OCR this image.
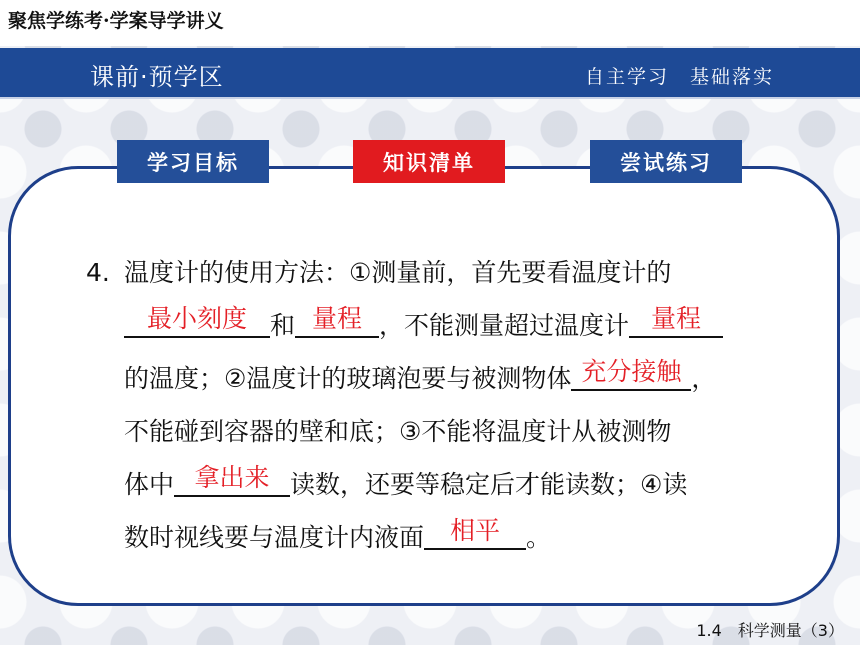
聚焦学练考·学案导学讲义
课前·预学区	自主学习　基础落实
学习目标	知识清单	尝试练习
4. 温度计的使用方法：①测量前，首先要看温度计的
最小刻度 和 量程 ，不能测量超过温度计 量程
的温度；②温度计的玻璃泡要与被测物体 充分接触 ，
不能碰到容器的壁和底；③不能将温度计从被测物
体中 拿出来 读数，还要等稳定后才能读数；④读
数时视线要与温度计内液面	相平	。
1.4　科学测量（3）
